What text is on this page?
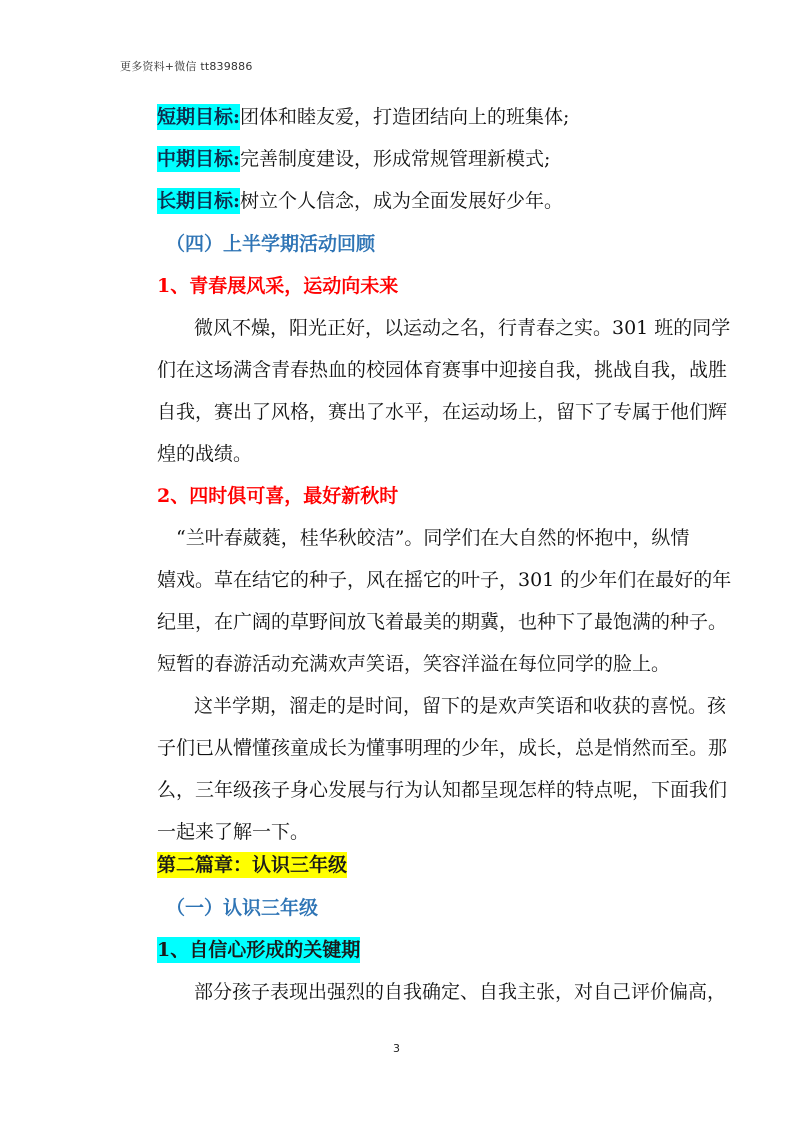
更多资料+微信 tt839886
短期目标:团体和睦友爱，打造团结向上的班集体;
中期目标:完善制度建设，形成常规管理新模式;
长期目标:树立个人信念，成为全面发展好少年。
（四）上半学期活动回顾
1、青春展风采，运动向未来
微风不燥，阳光正好，以运动之名，行青春之实。301 班的同学
们在这场满含青春热血的校园体育赛事中迎接自我，挑战自我，战胜
自我，赛出了风格，赛出了水平，在运动场上，留下了专属于他们辉
煌的战绩。
2、四时俱可喜，最好新秋时
“兰叶春葳蕤，桂华秋皎洁”。同学们在大自然的怀抱中，纵情
嬉戏。草在结它的种子，风在摇它的叶子，301 的少年们在最好的年
纪里，在广阔的草野间放飞着最美的期冀，也种下了最饱满的种子。
短暂的春游活动充满欢声笑语，笑容洋溢在每位同学的脸上。
这半学期，溜走的是时间，留下的是欢声笑语和收获的喜悦。孩
子们已从懵懂孩童成长为懂事明理的少年，成长，总是悄然而至。那
么，三年级孩子身心发展与行为认知都呈现怎样的特点呢，下面我们
一起来了解一下。
第二篇章：认识三年级
（一）认识三年级
1、自信心形成的关键期
部分孩子表现出强烈的自我确定、自我主张，对自己评价偏高，
3
